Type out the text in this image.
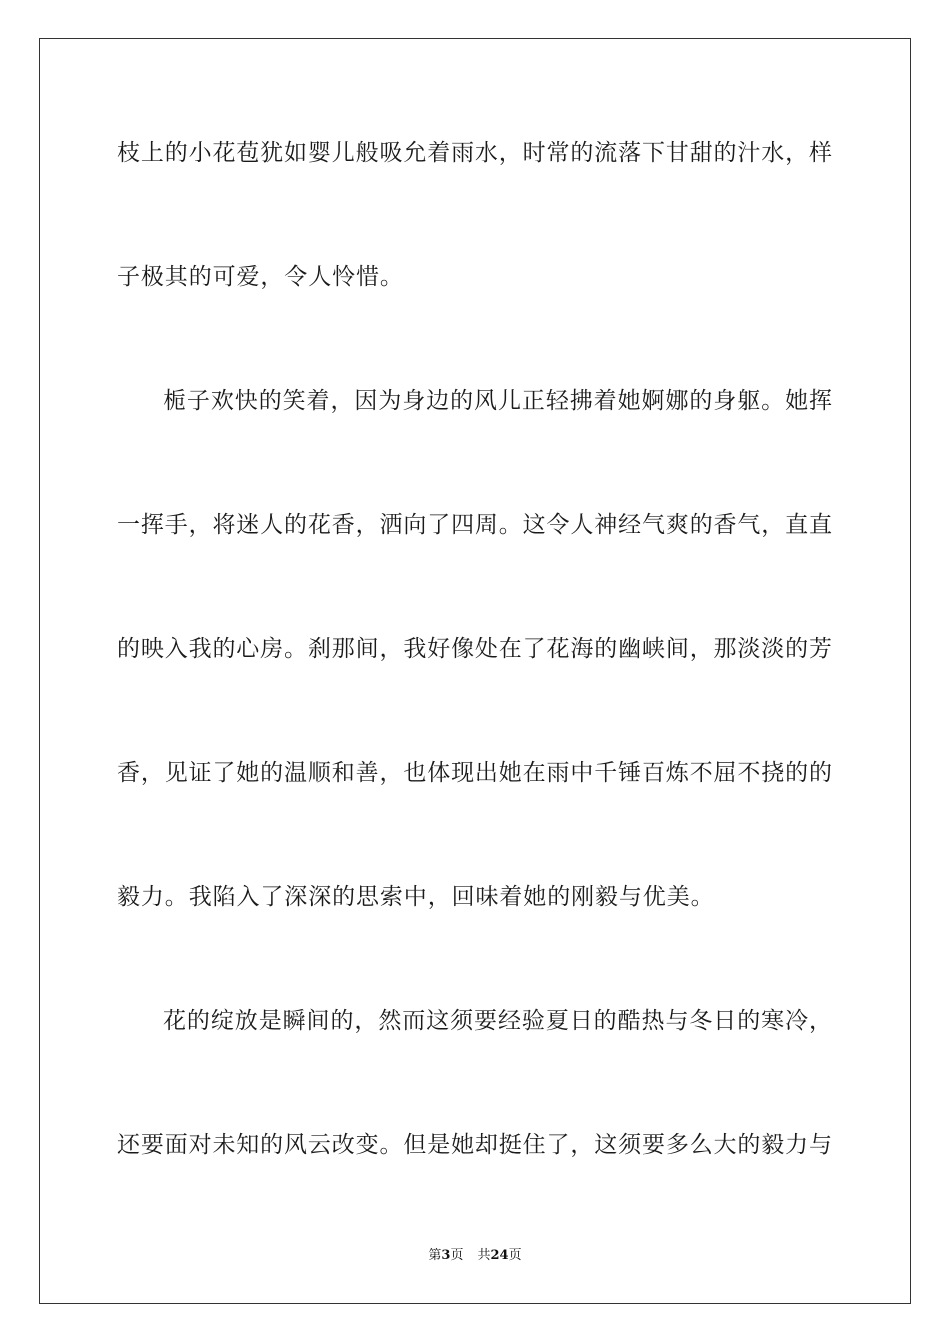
枝上的小花苞犹如婴儿般吸允着雨水，时常的流落下甘甜的汁水，样
子极其的可爱，令人怜惜。
栀子欢快的笑着，因为身边的风儿正轻拂着她婀娜的身躯。她挥
一挥手，将迷人的花香，洒向了四周。这令人神经气爽的香气，直直
的映入我的心房。刹那间，我好像处在了花海的幽峡间，那淡淡的芳
香，见证了她的温顺和善，也体现出她在雨中千锤百炼不屈不挠的的
毅力。我陷入了深深的思索中，回味着她的刚毅与优美。
花的绽放是瞬间的，然而这须要经验夏日的酷热与冬日的寒冷，
还要面对未知的风云改变。但是她却挺住了，这须要多么大的毅力与
第3页 共24页
